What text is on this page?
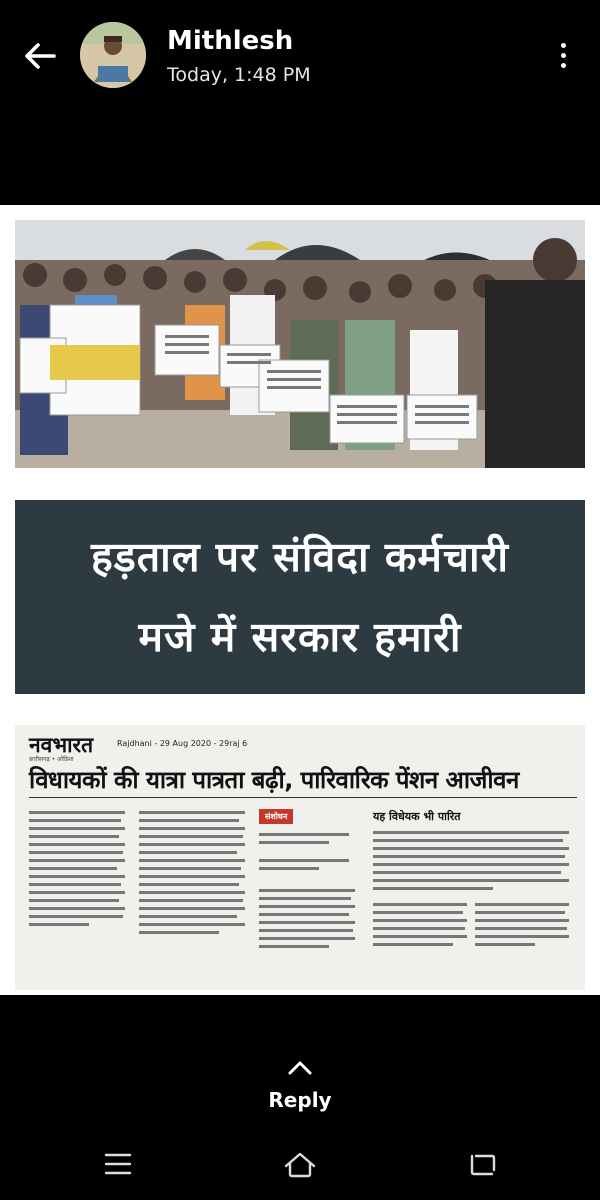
Mithlesh
Today, 1:48 PM
हड़ताल पर संविदा कर्मचारी
मजे में सरकार हमारी
नवभारत
छत्तीसगढ़ • ओडिशा
Rajdhani - 29 Aug 2020 - 29raj 6
विधायकों की यात्रा पात्रता बढ़ी, पारिवारिक पेंशन आजीवन
संशोधन	यह विधेयक भी पारित
Reply
